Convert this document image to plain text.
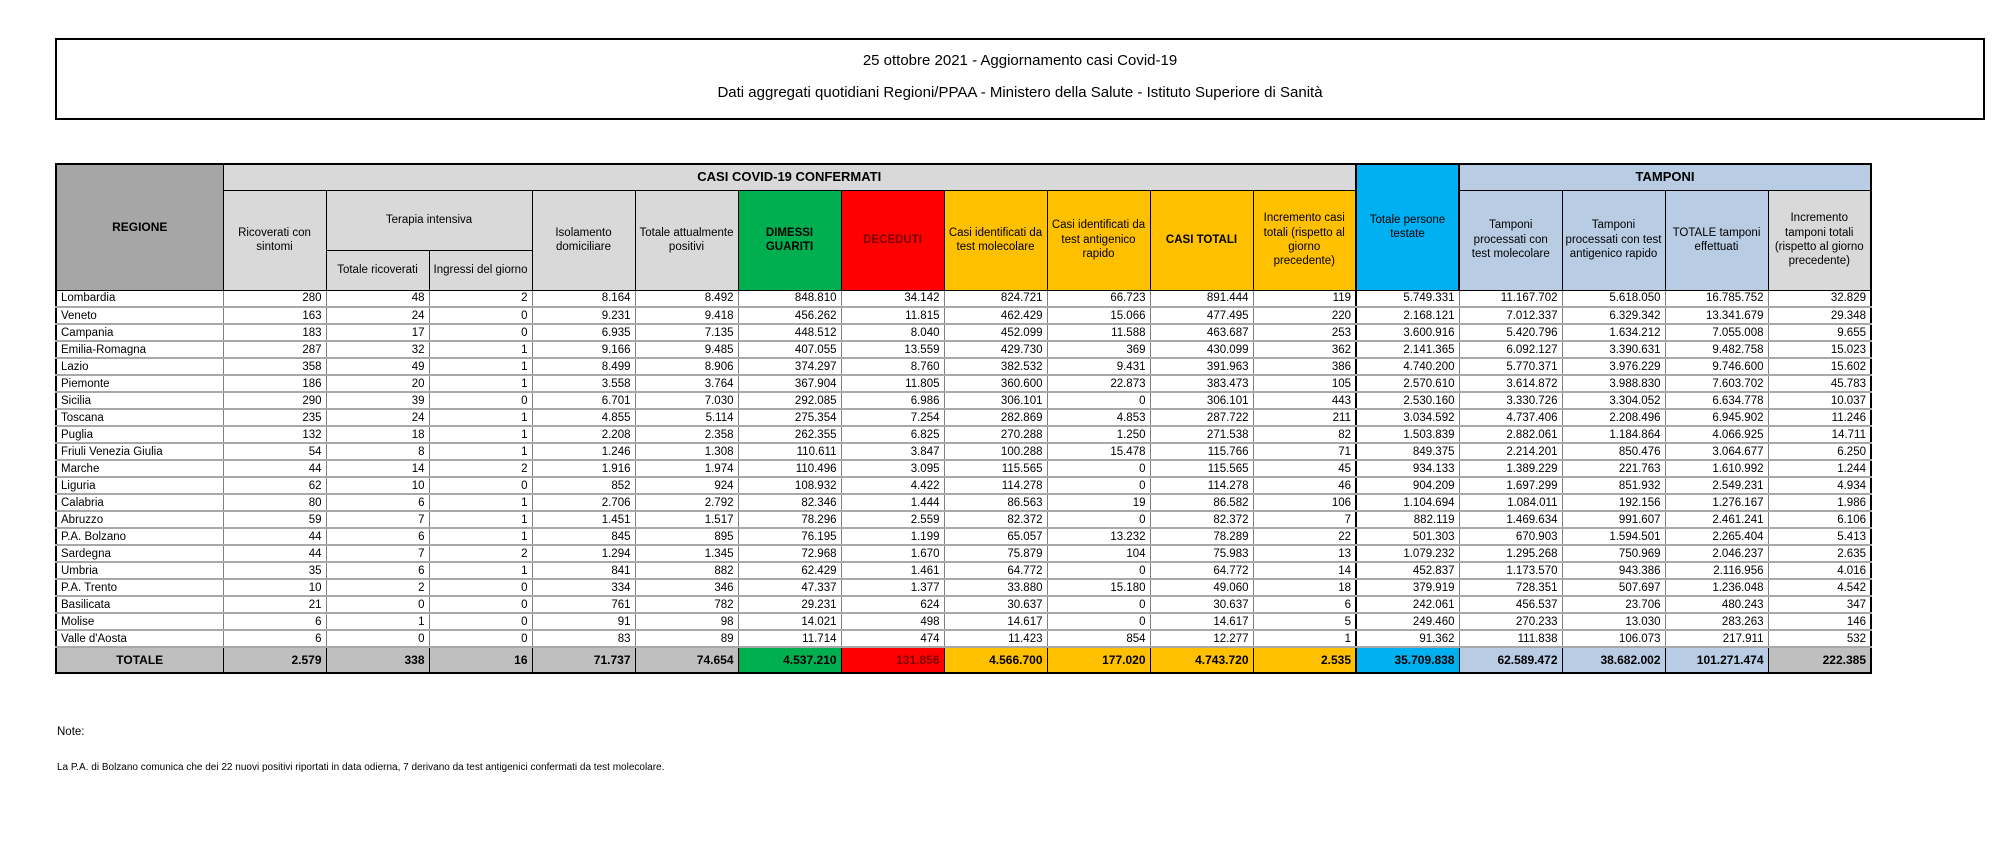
25 ottobre 2021 - Aggiornamento casi Covid-19
Dati aggregati quotidiani Regioni/PPAA - Ministero della Salute - Istituto Superiore di Sanità
REGIONE	CASI COVID-19 CONFERMATI											Totale persone testate	TAMPONI			
	Ricoverati con sintomi	Terapia intensiva		Isolamento domiciliare	Totale attualmente positivi	DIMESSI GUARITI	DECEDUTI	Casi identificati da test molecolare	Casi identificati da test antigenico rapido	CASI TOTALI	Incremento casi totali (rispetto al giorno precedente)		Tamponi processati con test molecolare	Tamponi processati con test antigenico rapido	TOTALE tamponi effettuati	Incremento tamponi totali (rispetto al giorno precedente)
		Totale ricoverati	Ingressi del giorno													
Lombardia	280	48	2	8.164	8.492	848.810	34.142	824.721	66.723	891.444	119	5.749.331	11.167.702	5.618.050	16.785.752	32.829
Veneto	163	24	0	9.231	9.418	456.262	11.815	462.429	15.066	477.495	220	2.168.121	7.012.337	6.329.342	13.341.679	29.348
Campania	183	17	0	6.935	7.135	448.512	8.040	452.099	11.588	463.687	253	3.600.916	5.420.796	1.634.212	7.055.008	9.655
Emilia-Romagna	287	32	1	9.166	9.485	407.055	13.559	429.730	369	430.099	362	2.141.365	6.092.127	3.390.631	9.482.758	15.023
Lazio	358	49	1	8.499	8.906	374.297	8.760	382.532	9.431	391.963	386	4.740.200	5.770.371	3.976.229	9.746.600	15.602
Piemonte	186	20	1	3.558	3.764	367.904	11.805	360.600	22.873	383.473	105	2.570.610	3.614.872	3.988.830	7.603.702	45.783
Sicilia	290	39	0	6.701	7.030	292.085	6.986	306.101	0	306.101	443	2.530.160	3.330.726	3.304.052	6.634.778	10.037
Toscana	235	24	1	4.855	5.114	275.354	7.254	282.869	4.853	287.722	211	3.034.592	4.737.406	2.208.496	6.945.902	11.246
Puglia	132	18	1	2.208	2.358	262.355	6.825	270.288	1.250	271.538	82	1.503.839	2.882.061	1.184.864	4.066.925	14.711
Friuli Venezia Giulia	54	8	1	1.246	1.308	110.611	3.847	100.288	15.478	115.766	71	849.375	2.214.201	850.476	3.064.677	6.250
Marche	44	14	2	1.916	1.974	110.496	3.095	115.565	0	115.565	45	934.133	1.389.229	221.763	1.610.992	1.244
Liguria	62	10	0	852	924	108.932	4.422	114.278	0	114.278	46	904.209	1.697.299	851.932	2.549.231	4.934
Calabria	80	6	1	2.706	2.792	82.346	1.444	86.563	19	86.582	106	1.104.694	1.084.011	192.156	1.276.167	1.986
Abruzzo	59	7	1	1.451	1.517	78.296	2.559	82.372	0	82.372	7	882.119	1.469.634	991.607	2.461.241	6.106
P.A. Bolzano	44	6	1	845	895	76.195	1.199	65.057	13.232	78.289	22	501.303	670.903	1.594.501	2.265.404	5.413
Sardegna	44	7	2	1.294	1.345	72.968	1.670	75.879	104	75.983	13	1.079.232	1.295.268	750.969	2.046.237	2.635
Umbria	35	6	1	841	882	62.429	1.461	64.772	0	64.772	14	452.837	1.173.570	943.386	2.116.956	4.016
P.A. Trento	10	2	0	334	346	47.337	1.377	33.880	15.180	49.060	18	379.919	728.351	507.697	1.236.048	4.542
Basilicata	21	0	0	761	782	29.231	624	30.637	0	30.637	6	242.061	456.537	23.706	480.243	347
Molise	6	1	0	91	98	14.021	498	14.617	0	14.617	5	249.460	270.233	13.030	283.263	146
Valle d'Aosta	6	0	0	83	89	11.714	474	11.423	854	12.277	1	91.362	111.838	106.073	217.911	532
TOTALE	2.579	338	16	71.737	74.654	4.537.210	131.856	4.566.700	177.020	4.743.720	2.535	35.709.838	62.589.472	38.682.002	101.271.474	222.385
Note:
La P.A. di Bolzano comunica che dei 22 nuovi positivi riportati in data odierna, 7 derivano da test antigenici confermati da test molecolare.
